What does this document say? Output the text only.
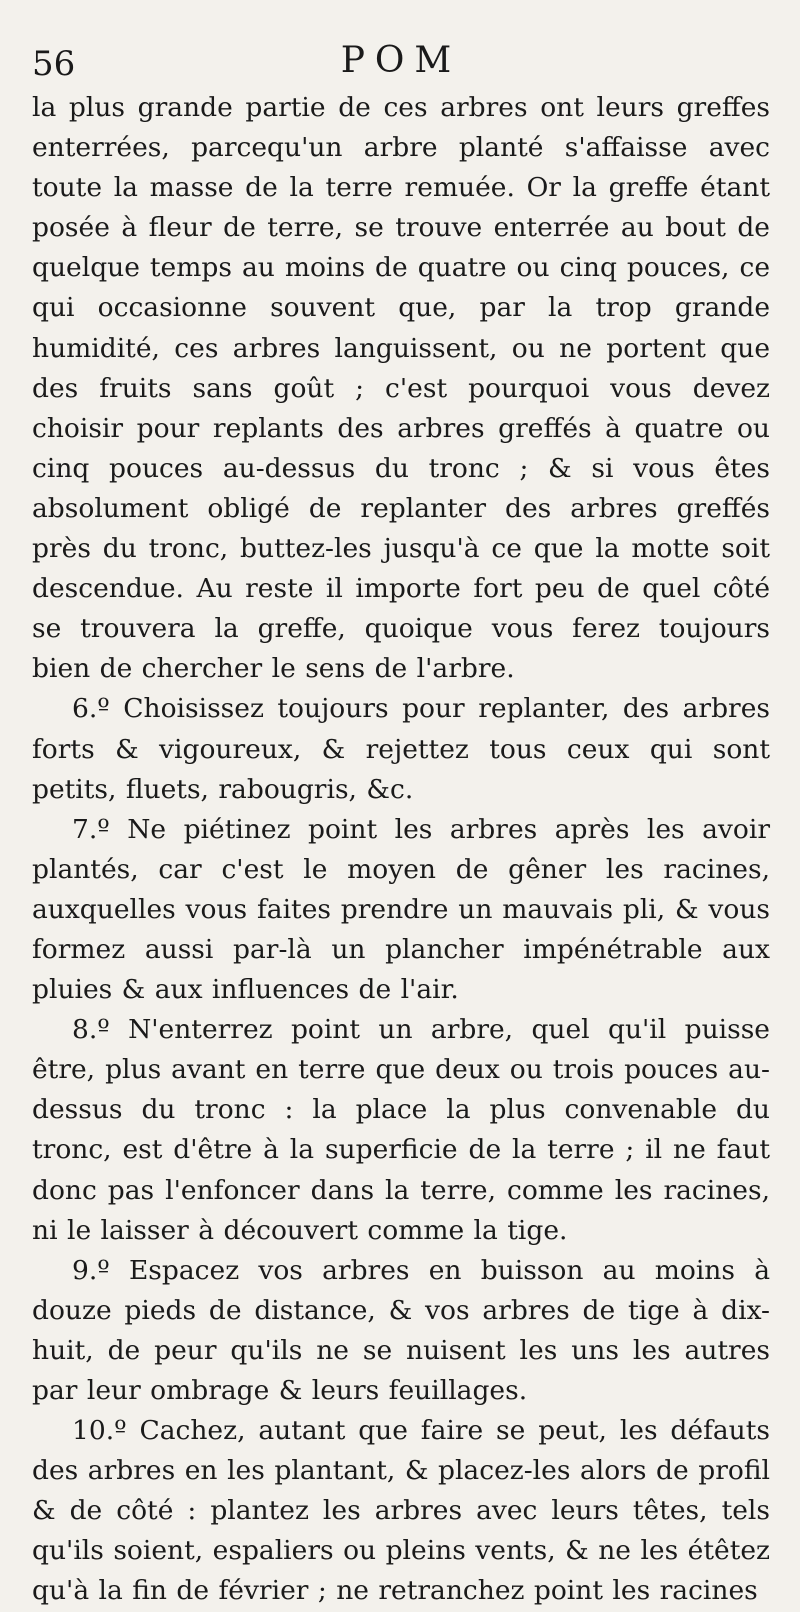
56	POM

la plus grande partie de ces arbres ont leurs greffes enterrées, parcequ'un arbre planté s'affaisse avec toute la masse de la terre remuée. Or la greffe étant posée à fleur de terre, se trouve enterrée au bout de quelque temps au moins de quatre ou cinq pouces, ce qui occasionne souvent que, par la trop grande humidité, ces arbres languissent, ou ne portent que des fruits sans goût ; c'est pourquoi vous devez choisir pour replants des arbres greffés à quatre ou cinq pouces au-dessus du tronc ; & si vous êtes absolument obligé de replanter des arbres greffés près du tronc, buttez-les jusqu'à ce que la motte soit descendue. Au reste il importe fort peu de quel côté se trouvera la greffe, quoique vous ferez toujours bien de chercher le sens de l'arbre.

6.º Choisissez toujours pour replanter, des arbres forts & vigoureux, & rejettez tous ceux qui sont petits, fluets, rabougris, &c.

7.º Ne piétinez point les arbres après les avoir plantés, car c'est le moyen de gêner les racines, auxquelles vous faites prendre un mauvais pli, & vous formez aussi par-là un plancher impénétrable aux pluies & aux influences de l'air.

8.º N'enterrez point un arbre, quel qu'il puisse être, plus avant en terre que deux ou trois pouces au-dessus du tronc : la place la plus convenable du tronc, est d'être à la superficie de la terre ; il ne faut donc pas l'enfoncer dans la terre, comme les racines, ni le laisser à découvert comme la tige.

9.º Espacez vos arbres en buisson au moins à douze pieds de distance, & vos arbres de tige à dix-huit, de peur qu'ils ne se nuisent les uns les autres par leur ombrage & leurs feuillages.

10.º Cachez, autant que faire se peut, les défauts des arbres en les plantant, & placez-les alors de profil & de côté : plantez les arbres avec leurs têtes, tels qu'ils soient, espaliers ou pleins vents, & ne les étêtez qu'à la fin de février ; ne retranchez point les racines
